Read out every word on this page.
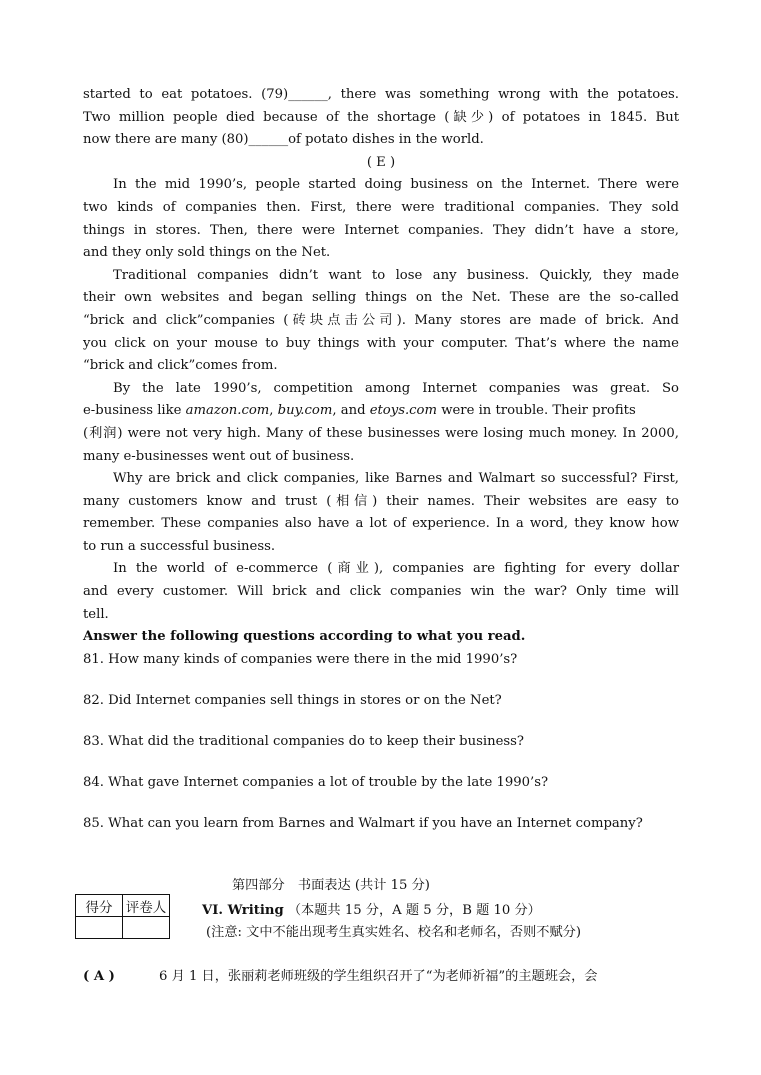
started to eat potatoes. (79)______, there was something wrong with the potatoes.

Two million people died because of the shortage (缺少) of potatoes in 1845. But

now there are many (80)______of potato dishes in the world.

( E )

In the mid 1990’s, people started doing business on the Internet. There were

two kinds of companies then. First, there were traditional companies. They sold

things in stores. Then, there were Internet companies. They didn’t have a store,

and they only sold things on the Net.

Traditional companies didn’t want to lose any business. Quickly, they made

their own websites and began selling things on the Net. These are the so-called

“brick and click”companies (砖块点击公司). Many stores are made of brick. And

you click on your mouse to buy things with your computer. That’s where the name

“brick and click”comes from.

By the late 1990’s, competition among Internet companies was great. So

e-business like amazon.com, buy.com, and etoys.com were in trouble. Their profits

(利润) were not very high. Many of these businesses were losing much money. In 2000,

many e-businesses went out of business.

Why are brick and click companies, like Barnes and Walmart so successful? First,

many customers know and trust (相信) their names. Their websites are easy to

remember. These companies also have a lot of experience. In a word, they know how

to run a successful business.

In the world of e-commerce (商业), companies are fighting for every dollar

and every customer. Will brick and click companies win the war? Only time will

tell.

Answer the following questions according to what you read.

81. How many kinds of companies were there in the mid 1990’s?

82. Did Internet companies sell things in stores or on the Net?

83. What did the traditional companies do to keep their business?

84. What gave Internet companies a lot of trouble by the late 1990’s?

85. What can you learn from Barnes and Walmart if you have an Internet company?

第四部分　书面表达 (共计 15 分)
得分	评卷人
		VI. Writing （本题共 15 分，A 题 5 分，B 题 10 分）
(注意: 文中不能出现考生真实姓名、校名和老师名，否则不赋分)
( A )	6 月 1 日，张丽莉老师班级的学生组织召开了“为老师祈福”的主题班会，会
